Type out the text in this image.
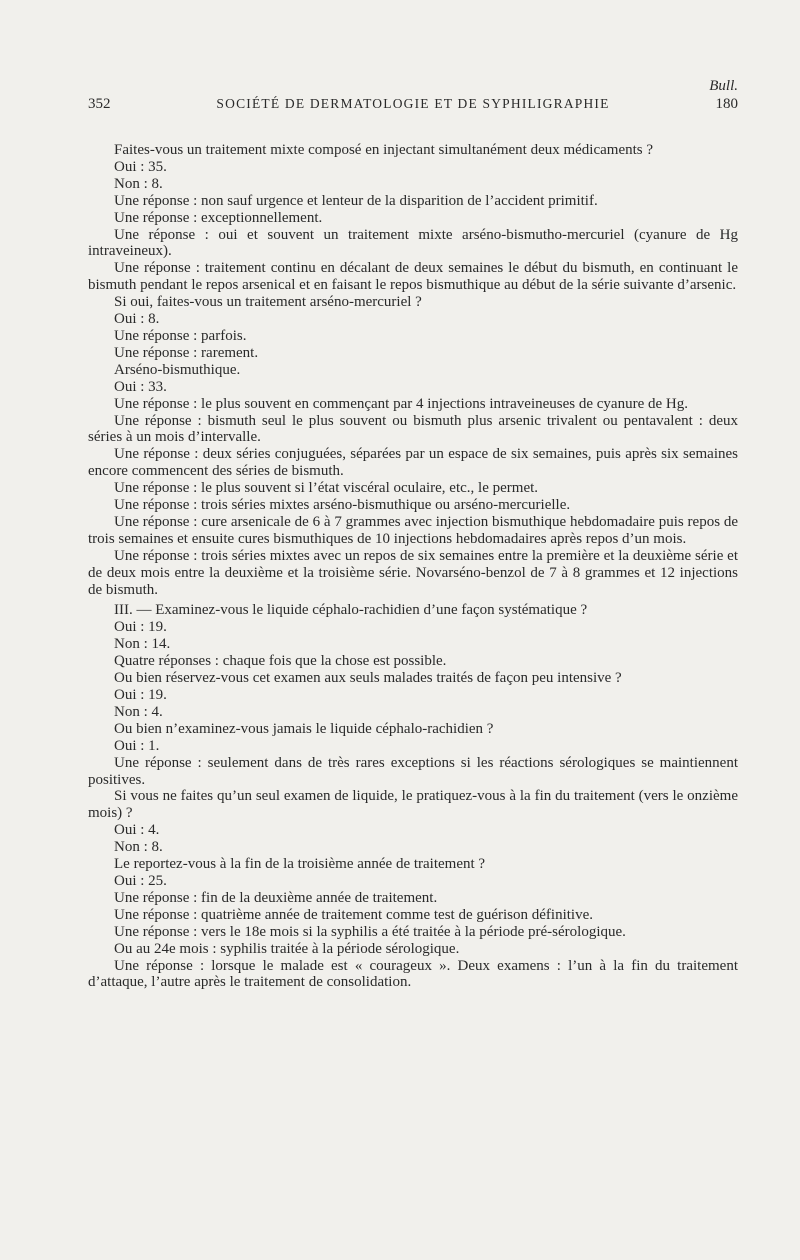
Bull.
352	SOCIÉTÉ DE DERMATOLOGIE ET DE SYPHILIGRAPHIE	180

Faites-vous un traitement mixte composé en injectant simultanément deux médicaments ?

Oui : 35.

Non : 8.

Une réponse : non sauf urgence et lenteur de la disparition de l’accident primitif.

Une réponse : exceptionnellement.

Une réponse : oui et souvent un traitement mixte arséno-bismutho-mercuriel (cyanure de Hg intraveineux).

Une réponse : traitement continu en décalant de deux semaines le début du bismuth, en continuant le bismuth pendant le repos arsenical et en faisant le repos bismuthique au début de la série suivante d’arsenic.

Si oui, faites-vous un traitement arséno-mercuriel ?

Oui : 8.

Une réponse : parfois.

Une réponse : rarement.

Arséno-bismuthique.

Oui : 33.

Une réponse : le plus souvent en commençant par 4 injections intraveineuses de cyanure de Hg.

Une réponse : bismuth seul le plus souvent ou bismuth plus arsenic trivalent ou pentavalent : deux séries à un mois d’intervalle.

Une réponse : deux séries conjuguées, séparées par un espace de six semaines, puis après six semaines encore commencent des séries de bismuth.

Une réponse : le plus souvent si l’état viscéral oculaire, etc., le permet.

Une réponse : trois séries mixtes arséno-bismuthique ou arséno-mercurielle.

Une réponse : cure arsenicale de 6 à 7 grammes avec injection bismuthique hebdomadaire puis repos de trois semaines et ensuite cures bismuthiques de 10 injections hebdomadaires après repos d’un mois.

Une réponse : trois séries mixtes avec un repos de six semaines entre la première et la deuxième série et de deux mois entre la deuxième et la troisième série. Novarséno-benzol de 7 à 8 grammes et 12 injections de bismuth.

III. — Examinez-vous le liquide céphalo-rachidien d’une façon systématique ?

Oui : 19.

Non : 14.

Quatre réponses : chaque fois que la chose est possible.

Ou bien réservez-vous cet examen aux seuls malades traités de façon peu intensive ?

Oui : 19.

Non : 4.

Ou bien n’examinez-vous jamais le liquide céphalo-rachidien ?

Oui : 1.

Une réponse : seulement dans de très rares exceptions si les réactions sérologiques se maintiennent positives.

Si vous ne faites qu’un seul examen de liquide, le pratiquez-vous à la fin du traitement (vers le onzième mois) ?

Oui : 4.

Non : 8.

Le reportez-vous à la fin de la troisième année de traitement ?

Oui : 25.

Une réponse : fin de la deuxième année de traitement.

Une réponse : quatrième année de traitement comme test de guérison définitive.

Une réponse : vers le 18e mois si la syphilis a été traitée à la période pré-sérologique.

Ou au 24e mois : syphilis traitée à la période sérologique.

Une réponse : lorsque le malade est « courageux ». Deux examens : l’un à la fin du traitement d’attaque, l’autre après le traitement de consolidation.
